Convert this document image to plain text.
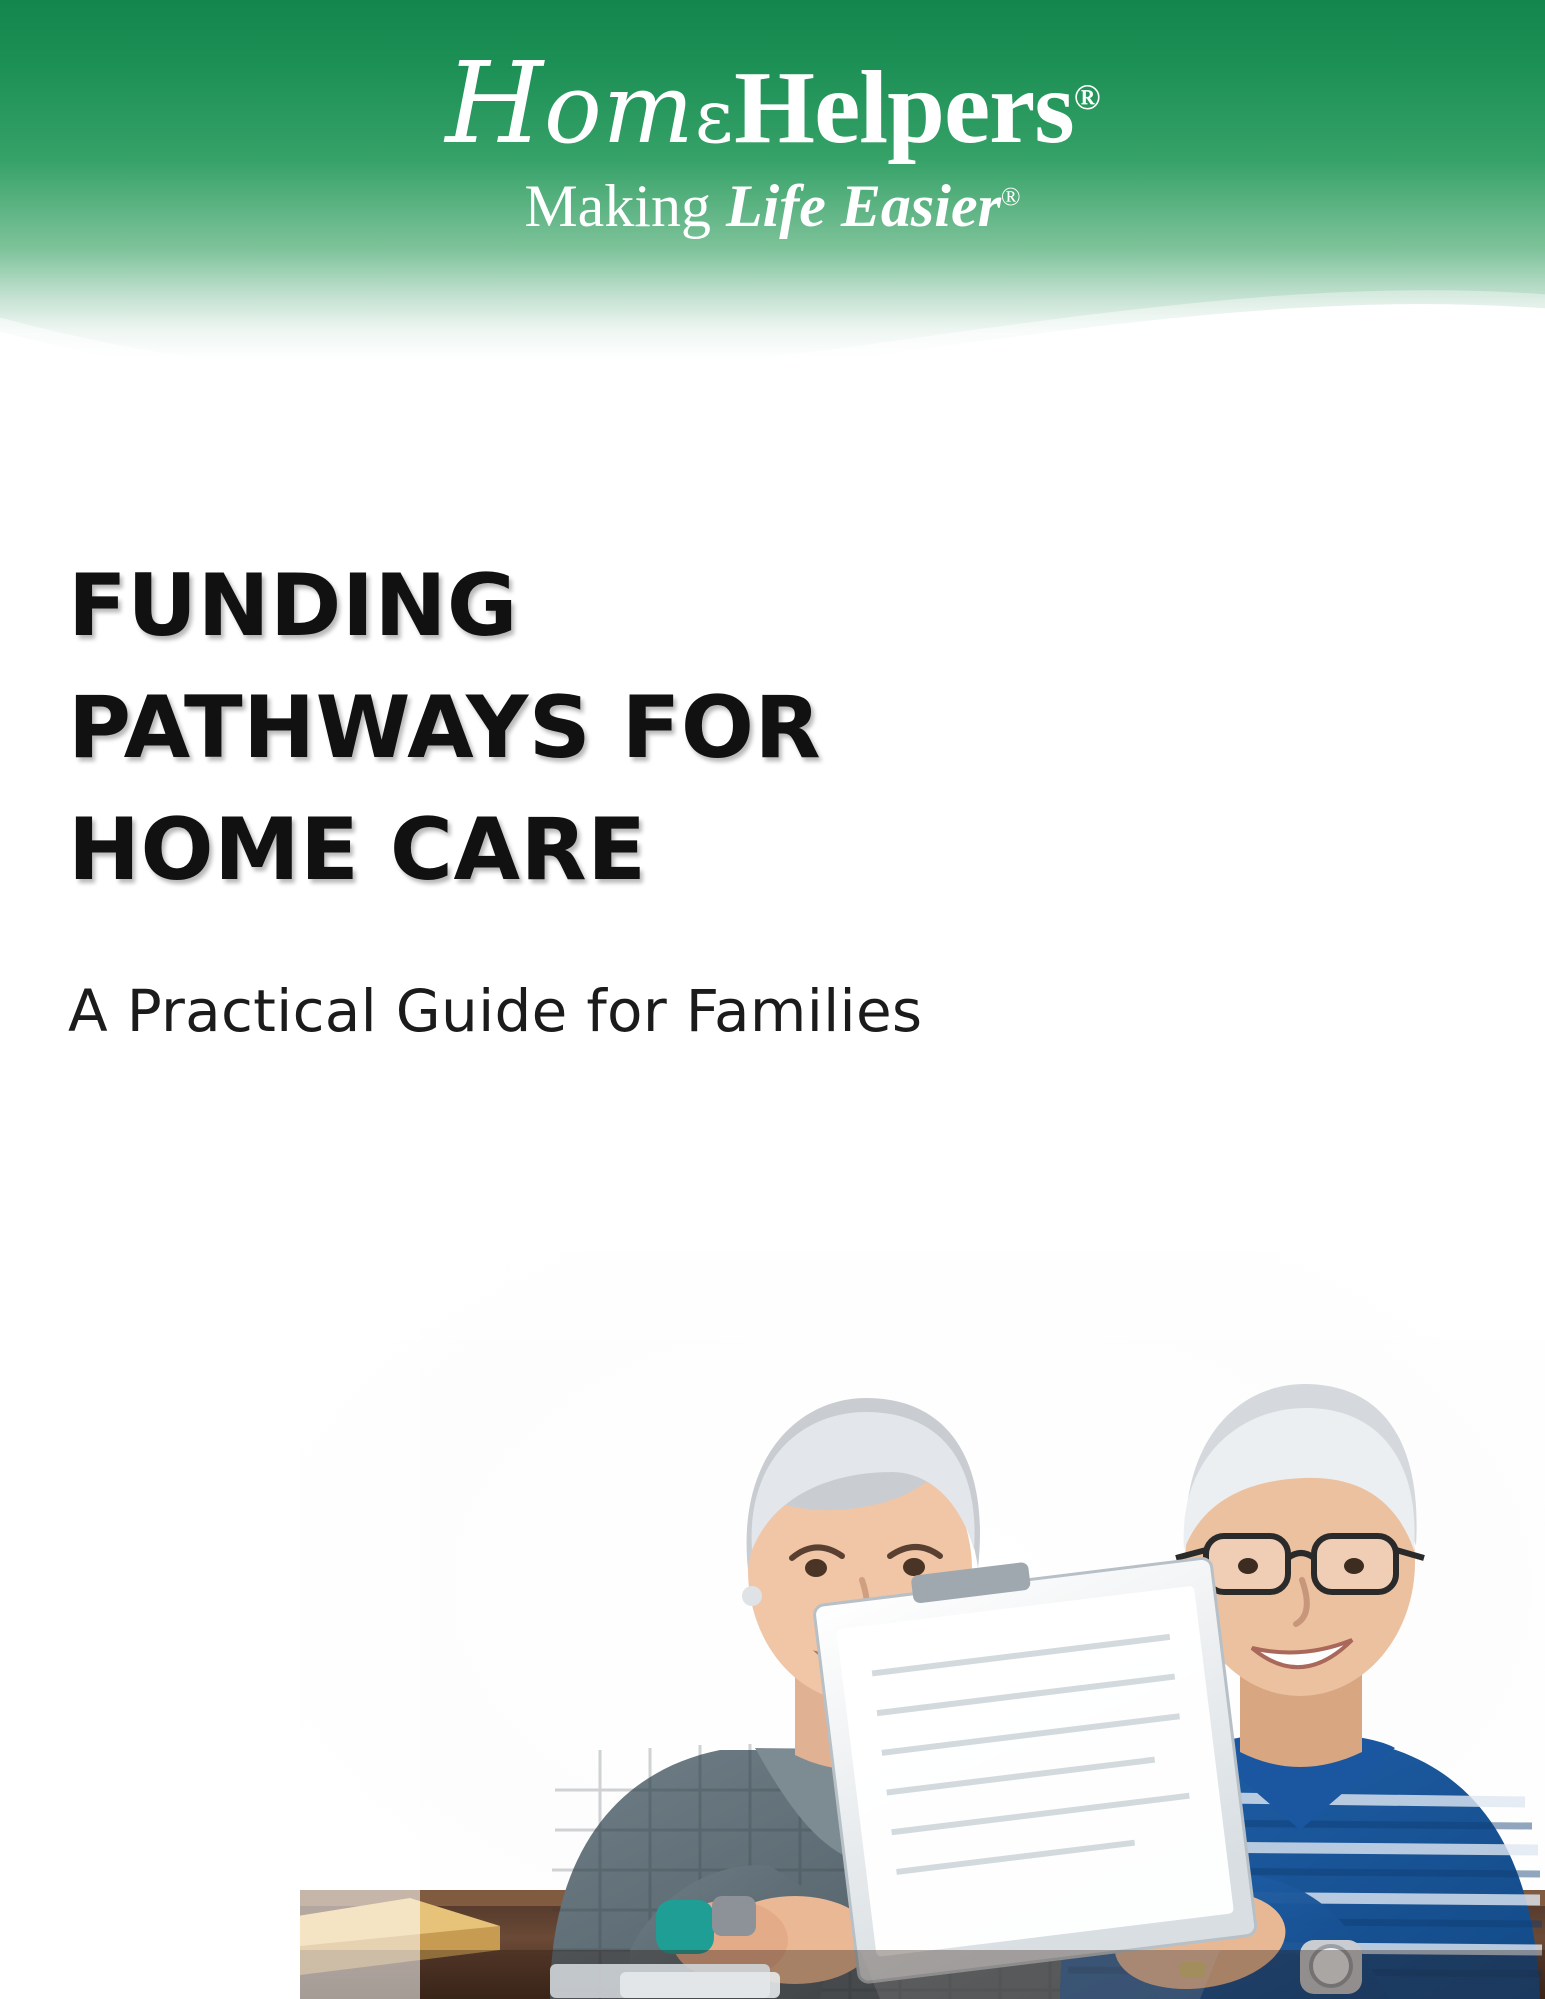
HomεHelpers®
Making Life Easier®
FUNDING
PATHWAYS FOR
HOME CARE
A Practical Guide for Families
